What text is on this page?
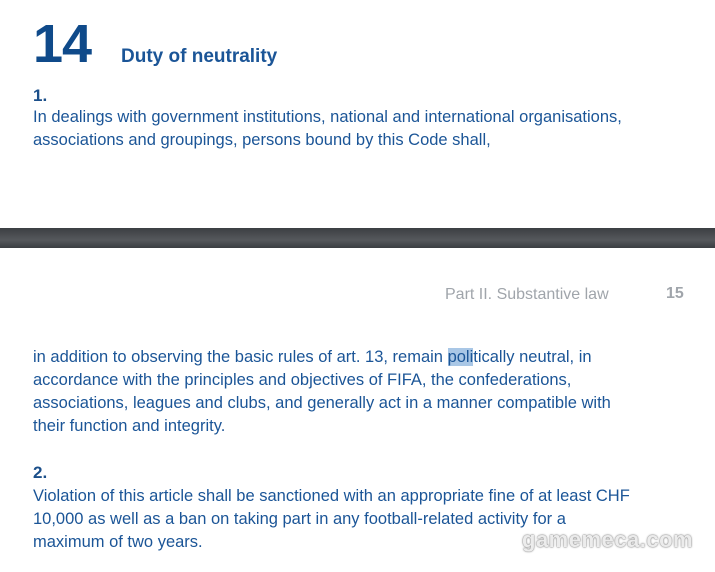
14 Duty of neutrality
1.

In dealings with government institutions, national and international organisations, associations and groupings, persons bound by this Code shall,

Part II. Substantive law	15

in addition to observing the basic rules of art. 13, remain politically neutral, in accordance with the principles and objectives of FIFA, the confederations, associations, leagues and clubs, and generally act in a manner compatible with their function and integrity.

2.

Violation of this article shall be sanctioned with an appropriate fine of at least CHF 10,000 as well as a ban on taking part in any football-related activity for a maximum of two years.	gamemeca.com
